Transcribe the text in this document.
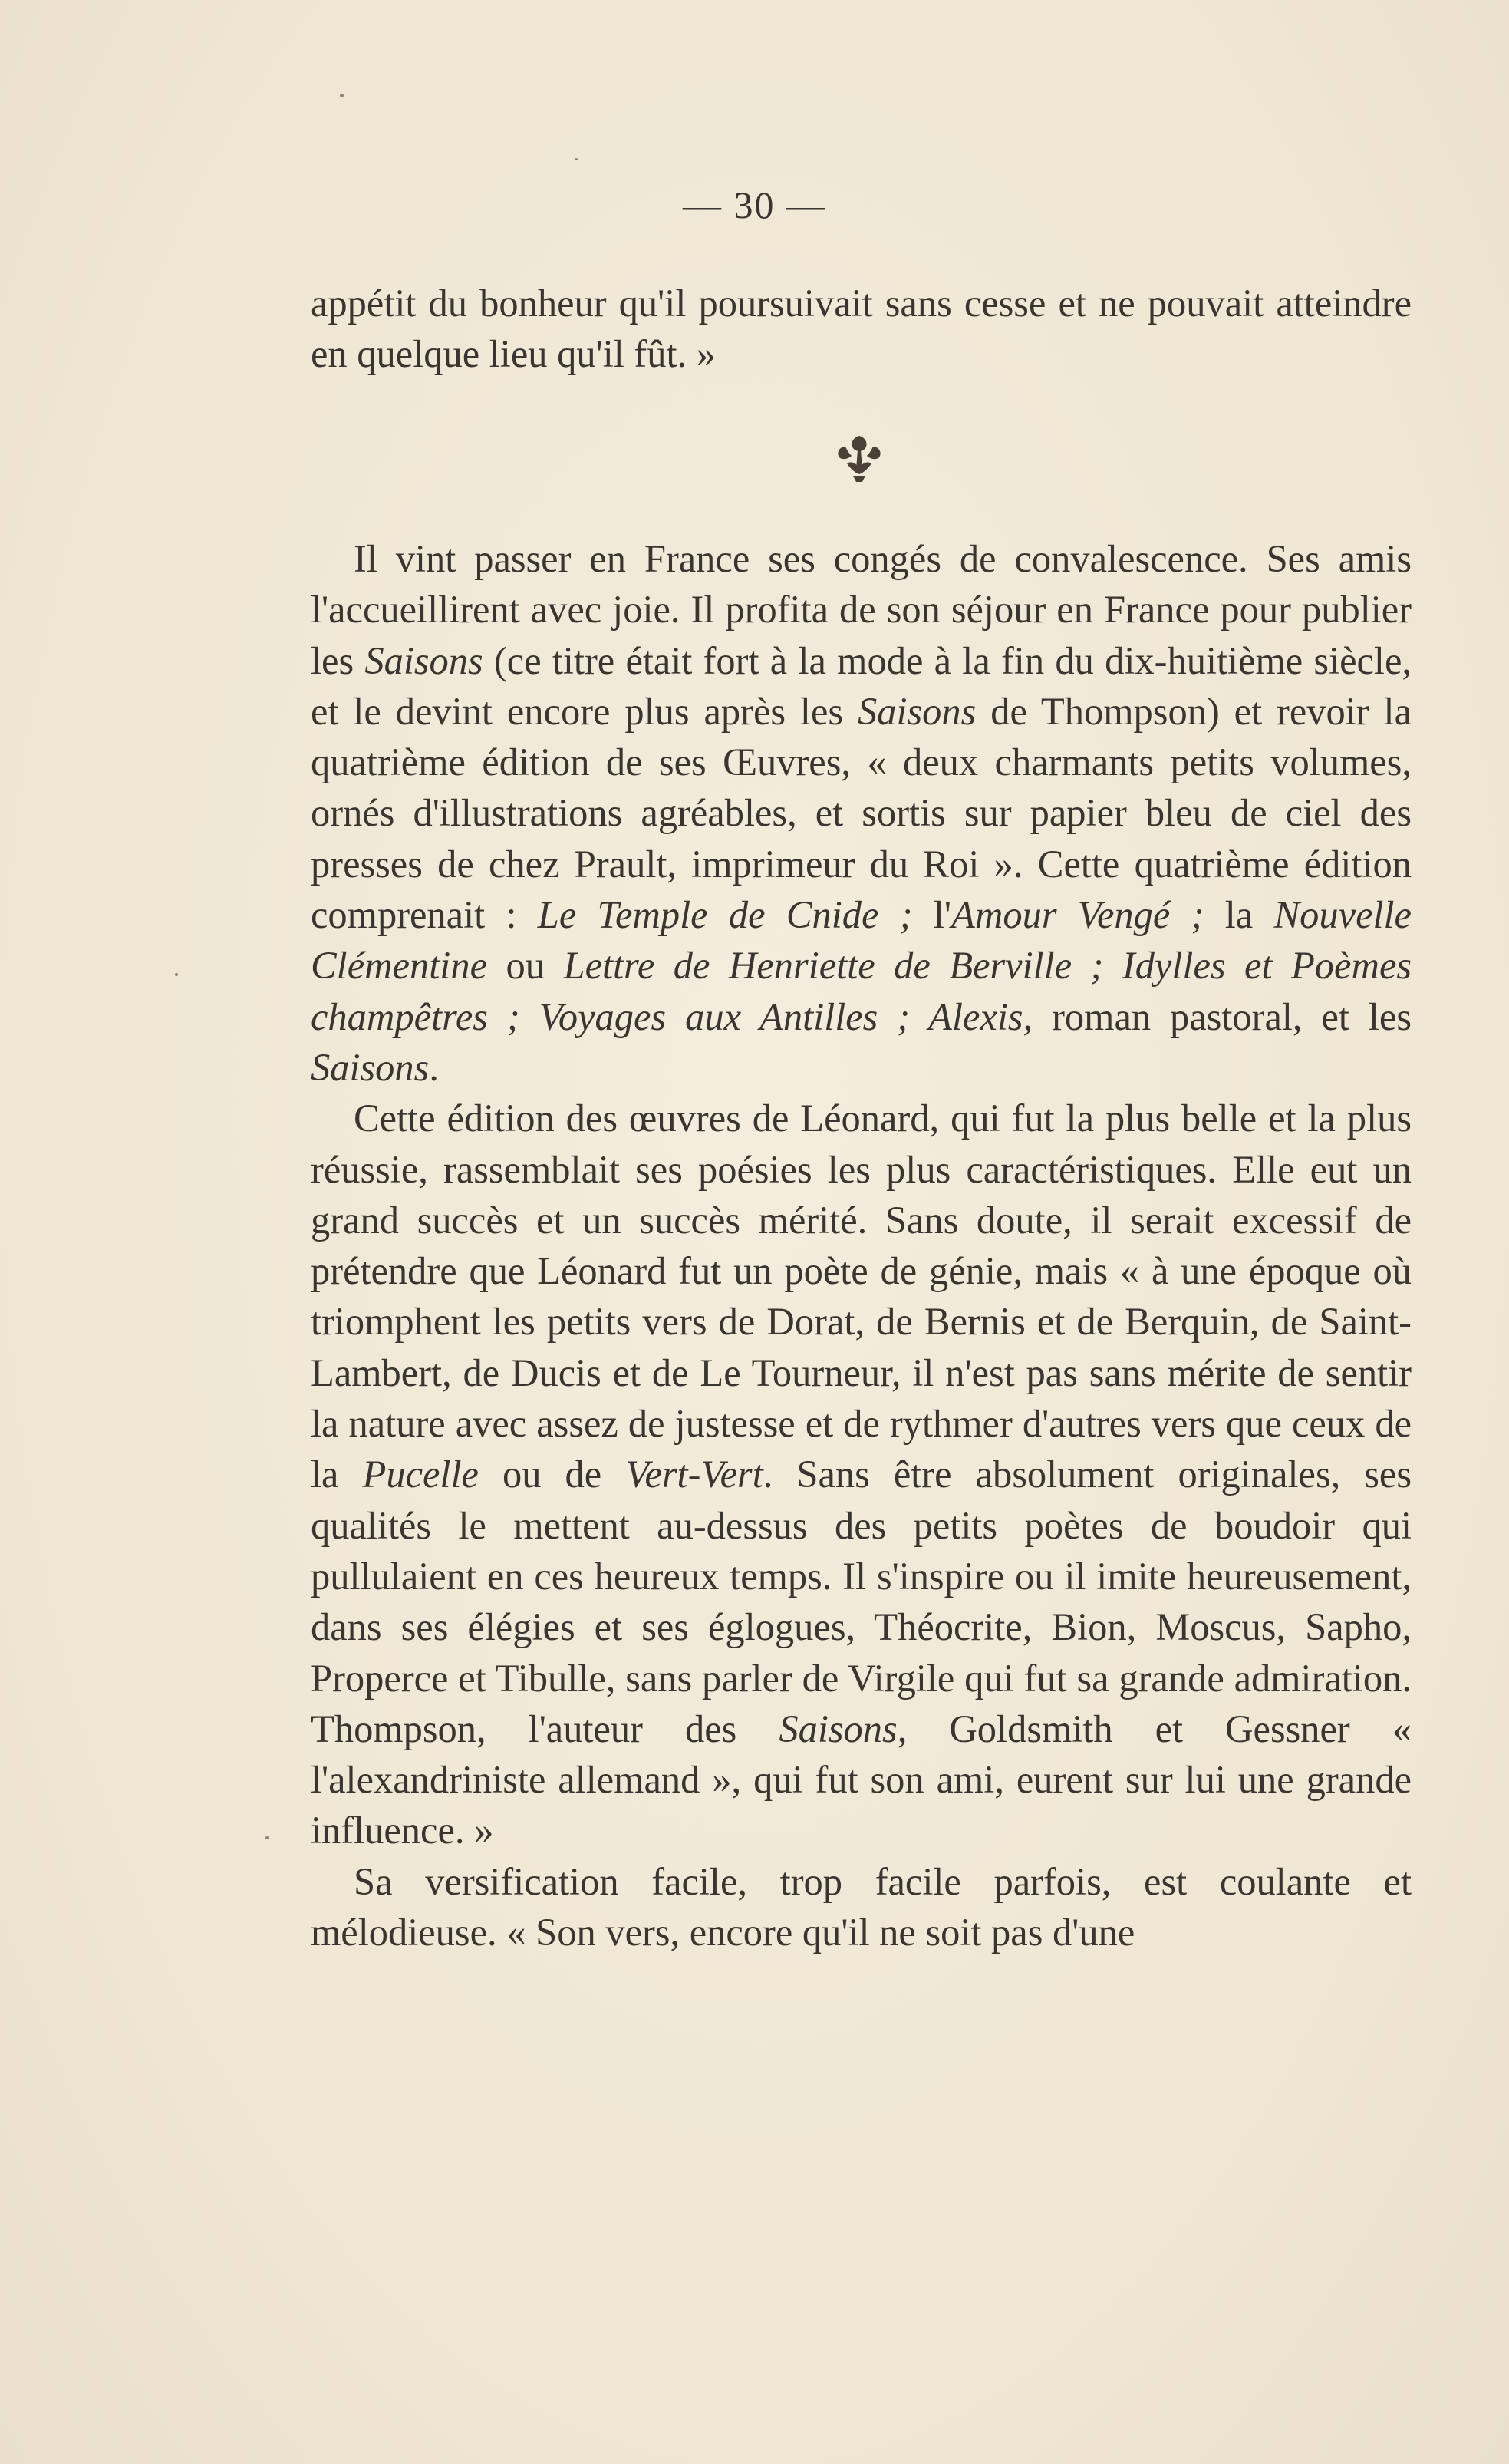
— 30 —

appétit du bonheur qu'il poursuivait sans cesse et ne pouvait atteindre en quelque lieu qu'il fût. »

Il vint passer en France ses congés de convalescence. Ses amis l'accueillirent avec joie. Il profita de son séjour en France pour publier les Saisons (ce titre était fort à la mode à la fin du dix-huitième siècle, et le devint encore plus après les Saisons de Thompson) et revoir la quatrième édition de ses Œuvres, « deux charmants petits volumes, ornés d'illustrations agréables, et sortis sur papier bleu de ciel des presses de chez Prault, imprimeur du Roi ». Cette quatrième édition comprenait : Le Temple de Cnide ; l'Amour Vengé ; la Nouvelle Clémentine ou Lettre de Henriette de Berville ; Idylles et Poèmes champêtres ; Voyages aux Antilles ; Alexis, roman pastoral, et les Saisons.

Cette édition des œuvres de Léonard, qui fut la plus belle et la plus réussie, rassemblait ses poésies les plus caractéristiques. Elle eut un grand succès et un succès mérité. Sans doute, il serait excessif de prétendre que Léonard fut un poète de génie, mais « à une époque où triomphent les petits vers de Dorat, de Bernis et de Berquin, de Saint-Lambert, de Ducis et de Le Tourneur, il n'est pas sans mérite de sentir la nature avec assez de justesse et de rythmer d'autres vers que ceux de la Pucelle ou de Vert-Vert. Sans être absolument originales, ses qualités le mettent au-dessus des petits poètes de boudoir qui pullulaient en ces heureux temps. Il s'inspire ou il imite heureusement, dans ses élégies et ses églogues, Théocrite, Bion, Moscus, Sapho, Properce et Tibulle, sans parler de Virgile qui fut sa grande admiration. Thompson, l'auteur des Saisons, Goldsmith et Gessner « l'alexandriniste allemand », qui fut son ami, eurent sur lui une grande influence. »

Sa versification facile, trop facile parfois, est coulante et mélodieuse. « Son vers, encore qu'il ne soit pas d'une
